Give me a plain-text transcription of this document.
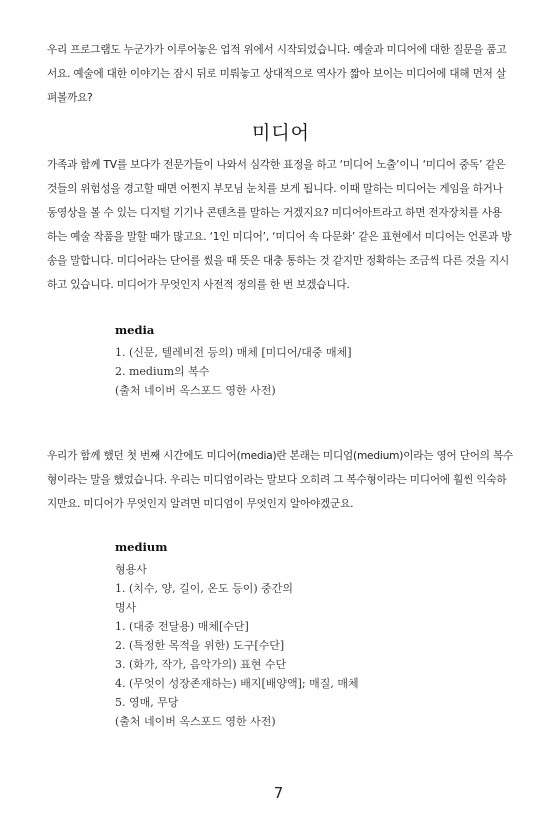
우리 프로그램도 누군가가 이루어놓은 업적 위에서 시작되었습니다. 예술과 미디어에 대한 질문을 품고
서요. 예술에 대한 이야기는 잠시 뒤로 미뤄놓고 상대적으로 역사가 짧아 보이는 미디어에 대해 먼저 살
펴볼까요?

미디어

가족과 함께 TV를 보다가 전문가들이 나와서 심각한 표정을 하고 ‘미디어 노출’이니 ‘미디어 중독’ 같은
것들의 위험성을 경고할 때면 어쩐지 부모님 눈치를 보게 됩니다. 이때 말하는 미디어는 게임을 하거나
동영상을 볼 수 있는 디지털 기기나 콘텐츠를 말하는 거겠지요? 미디어아트라고 하면 전자장치를 사용
하는 예술 작품을 말할 때가 많고요. ‘1인 미디어’, ‘미디어 속 다문화’ 같은 표현에서 미디어는 언론과 방
송을 말합니다. 미디어라는 단어를 썼을 때 뜻은 대충 통하는 것 같지만 정확하는 조금씩 다른 것을 지시
하고 있습니다. 미디어가 무엇인지 사전적 정의를 한 번 보겠습니다.

media
1. (신문, 텔레비전 등의) 매체 [미디어/대중 매체]
2. medium의 복수
(출처 네이버 옥스포드 영한 사전)

우리가 함께 했던 첫 번째 시간에도 미디어(media)란 본래는 미디엄(medium)이라는 영어 단어의 복수
형이라는 말을 했었습니다. 우리는 미디엄이라는 말보다 오히려 그 복수형이라는 미디어에 훨씬 익숙하
지만요. 미디어가 무엇인지 알려면 미디엄이 무엇인지 알아야겠군요.

medium
형용사
1. (치수, 양, 길이, 온도 등이) 중간의
명사
1. (대중 전달용) 매체[수단]
2. (특정한 목적을 위한) 도구[수단]
3. (화가, 작가, 음악가의) 표현 수단
4. (무엇이 성장존재하는) 배지[배양액]; 매질, 매체
5. 영매, 무당
(출처 네이버 옥스포드 영한 사전)
7
